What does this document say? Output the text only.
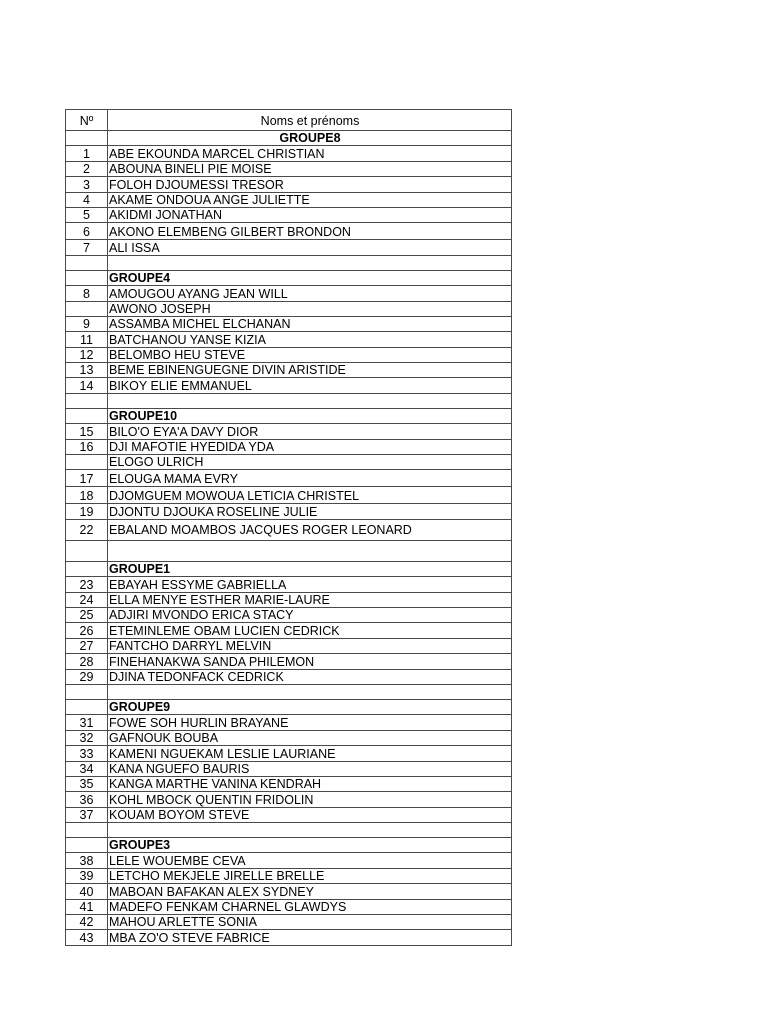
Nº	Noms et prénoms
	GROUPE8
1	ABE EKOUNDA MARCEL CHRISTIAN
2	ABOUNA BINELI PIE MOISE
3	FOLOH DJOUMESSI TRESOR
4	AKAME ONDOUA ANGE JULIETTE
5	AKIDMI JONATHAN
6	AKONO ELEMBENG GILBERT BRONDON
7	ALI ISSA

	GROUPE4
8	AMOUGOU AYANG JEAN WILL
	AWONO JOSEPH
9	ASSAMBA MICHEL ELCHANAN
11	BATCHANOU YANSE KIZIA
12	BELOMBO HEU STEVE
13	BEME EBINENGUEGNE DIVIN ARISTIDE
14	BIKOY ELIE EMMANUEL

	GROUPE10
15	BILO'O EYA'A DAVY DIOR
16	DJI MAFOTIE HYEDIDA YDA
	ELOGO ULRICH
17	ELOUGA MAMA EVRY
18	DJOMGUEM MOWOUA LETICIA CHRISTEL
19	DJONTU DJOUKA ROSELINE JULIE
22	EBALAND MOAMBOS JACQUES ROGER LEONARD

	GROUPE1
23	EBAYAH ESSYME GABRIELLA
24	ELLA MENYE ESTHER MARIE-LAURE
25	ADJIRI MVONDO ERICA STACY
26	ETEMINLEME OBAM LUCIEN CEDRICK
27	FANTCHO DARRYL MELVIN
28	FINEHANAKWA SANDA PHILEMON
29	DJINA TEDONFACK CEDRICK

	GROUPE9
31	FOWE SOH HURLIN BRAYANE
32	GAFNOUK BOUBA
33	KAMENI NGUEKAM LESLIE LAURIANE
34	KANA NGUEFO BAURIS
35	KANGA MARTHE VANINA KENDRAH
36	KOHL MBOCK QUENTIN FRIDOLIN
37	KOUAM BOYOM STEVE

	GROUPE3
38	LELE WOUEMBE CEVA
39	LETCHO MEKJELE JIRELLE BRELLE
40	MABOAN BAFAKAN ALEX SYDNEY
41	MADEFO FENKAM CHARNEL GLAWDYS
42	MAHOU ARLETTE SONIA
43	MBA ZO'O STEVE FABRICE
